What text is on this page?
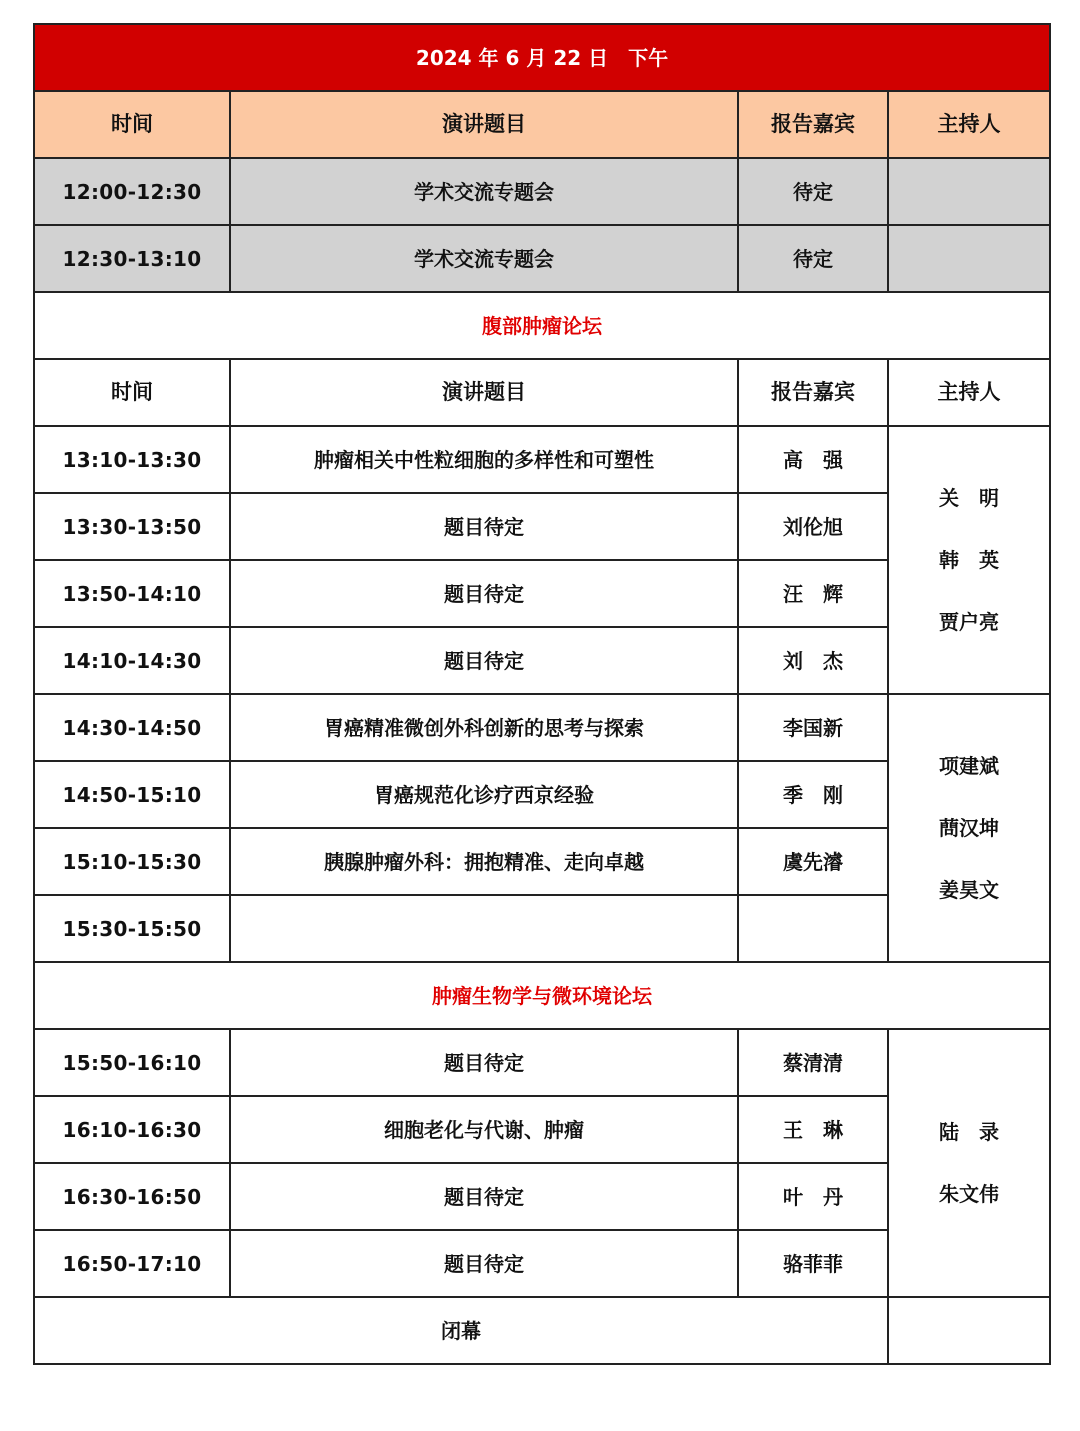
2024 年 6 月 22 日　下午			
时间	演讲题目	报告嘉宾	主持人
12:00-12:30	学术交流专题会	待定	
12:30-13:10	学术交流专题会	待定	
腹部肿瘤论坛			
时间	演讲题目	报告嘉宾	主持人
13:10-13:30	肿瘤相关中性粒细胞的多样性和可塑性	高　强	关　明
韩　英
贾户亮

13:30-13:50	题目待定	刘伦旭	
13:50-14:10	题目待定	汪　辉	
14:10-14:30	题目待定	刘　杰	
14:30-14:50	胃癌精准微创外科创新的思考与探索	李国新	项建斌
蔄汉坤
姜昊文

14:50-15:10	胃癌规范化诊疗西京经验	季　刚	
15:10-15:30	胰腺肿瘤外科：拥抱精准、走向卓越	虞先濬	
15:30-15:50			
肿瘤生物学与微环境论坛			
15:50-16:10	题目待定	蔡清清	陆　录
朱文伟

16:10-16:30	细胞老化与代谢、肿瘤	王　琳	
16:30-16:50	题目待定	叶　丹	
16:50-17:10	题目待定	骆菲菲	
闭幕			
